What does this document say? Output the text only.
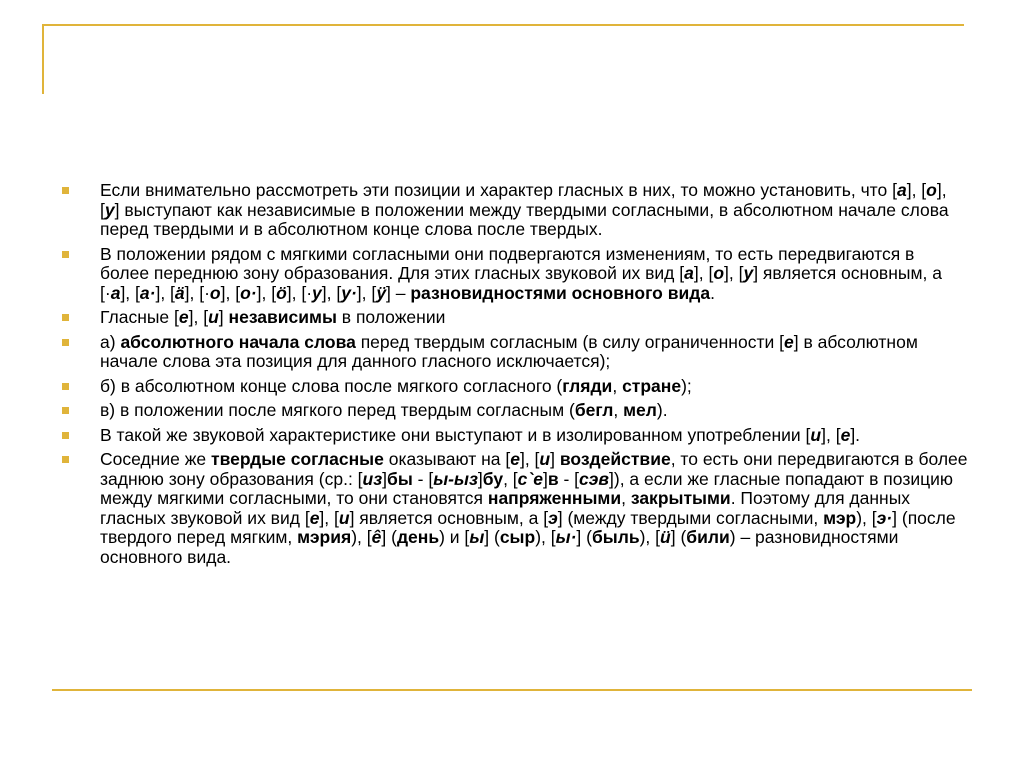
Если внимательно рассмотреть эти позиции и характер гласных в них, то можно установить, что [а], [о], [у] выступают как независимые в положении между твердыми согласными, в абсолютном начале слова перед твердыми и в абсолютном конце слова после твердых.
В положении рядом с мягкими согласными они подвергаются изменениям, то есть передвигаются в более переднюю зону образования. Для этих гласных звуковой их вид [а], [о], [у] является основным, а [·а], [а·], [ä], [·о], [о·], [ö], [·у], [у·], [ÿ] – разновидностями основного вида.
Гласные [е], [и] независимы в положении
а) абсолютного начала слова перед твердым согласным (в силу ограниченности [е] в абсолютном начале слова эта позиция для данного гласного исключается);
б) в абсолютном конце слова после мягкого согласного (гляди, стране);
в) в положении после мягкого перед твердым согласным (бегл, мел).
В такой же звуковой характеристике они выступают и в изолированном употреблении [и], [е].
Соседние же твердые согласные оказывают на [е], [и] воздействие, то есть они передвигаются в более заднюю зону образования (ср.: [из]бы - [ы-ыз]бу, [с`е]в - [сэв]), а если же гласные попадают в позицию между мягкими согласными, то они становятся напряженными, закрытыми. Поэтому для данных гласных звуковой их вид [е], [и] является основным, а [э] (между твердыми согласными, мэр), [э·] (после твердого перед мягким, мэрия), [ê] (день) и [ы] (сыр), [ы·] (быль), [ӥ] (били) – разновидностями основного вида.
